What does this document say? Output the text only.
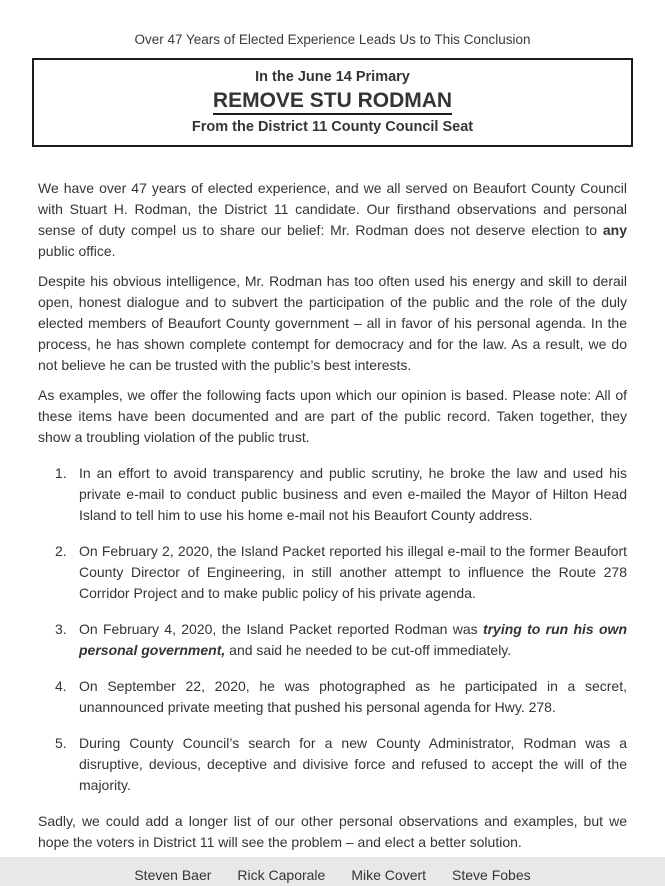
Over 47 Years of Elected Experience Leads Us to This Conclusion
In the June 14 Primary
REMOVE STU RODMAN
From the District 11 County Council Seat

We have over 47 years of elected experience, and we all served on Beaufort County Council with Stuart H. Rodman, the District 11 candidate. Our firsthand observations and personal sense of duty compel us to share our belief: Mr. Rodman does not deserve election to any public office.

Despite his obvious intelligence, Mr. Rodman has too often used his energy and skill to derail open, honest dialogue and to subvert the participation of the public and the role of the duly elected members of Beaufort County government – all in favor of his personal agenda. In the process, he has shown complete contempt for democracy and for the law. As a result, we do not believe he can be trusted with the public’s best interests.

As examples, we offer the following facts upon which our opinion is based. Please note: All of these items have been documented and are part of the public record. Taken together, they show a troubling violation of the public trust.

1. In an effort to avoid transparency and public scrutiny, he broke the law and used his private e-mail to conduct public business and even e-mailed the Mayor of Hilton Head Island to tell him to use his home e-mail not his Beaufort County address.
2. On February 2, 2020, the Island Packet reported his illegal e-mail to the former Beaufort County Director of Engineering, in still another attempt to influence the Route 278 Corridor Project and to make public policy of his private agenda.
3. On February 4, 2020, the Island Packet reported Rodman was trying to run his own personal government, and said he needed to be cut-off immediately.
4. On September 22, 2020, he was photographed as he participated in a secret, unannounced private meeting that pushed his personal agenda for Hwy. 278.
5. During County Council’s search for a new County Administrator, Rodman was a disruptive, devious, deceptive and divisive force and refused to accept the will of the majority.

Sadly, we could add a longer list of our other personal observations and examples, but we hope the voters in District 11 will see the problem – and elect a better solution.

Steven Baer Rick Caporale Mike Covert Steve Fobes
